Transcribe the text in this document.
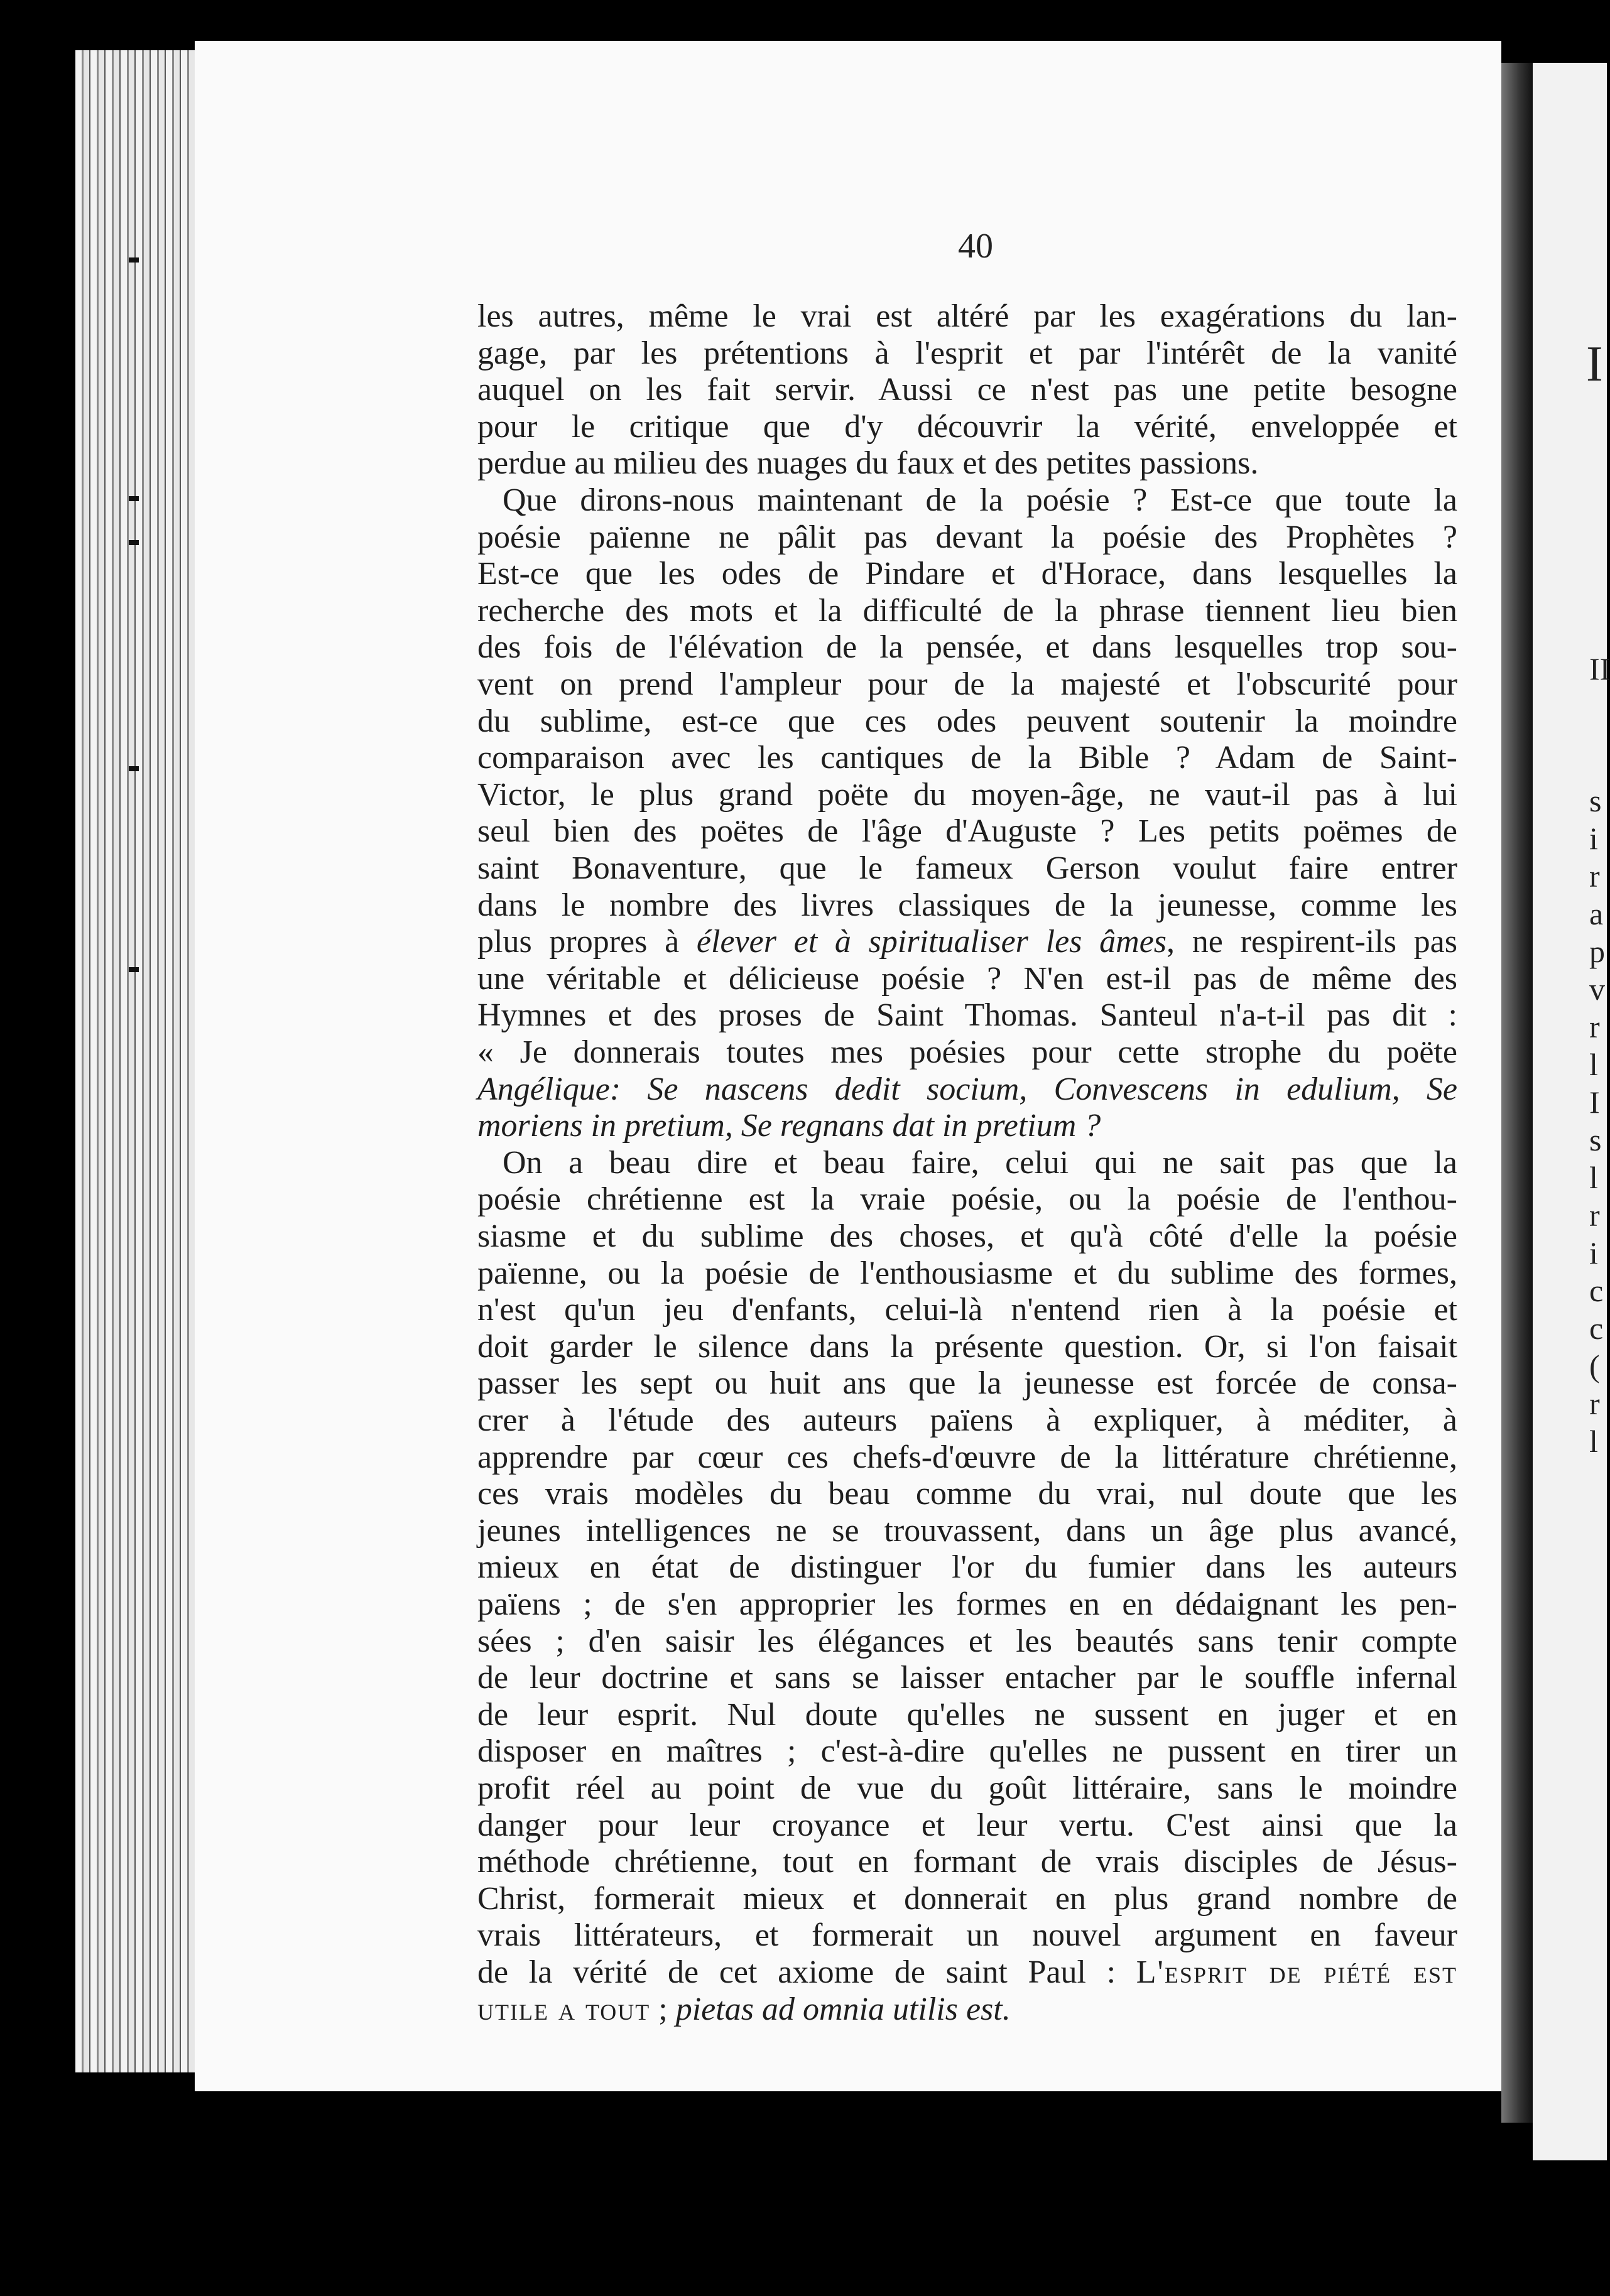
I
II
s
i
r
a
p
v
r
l
I
s
l
r
i
c
c
(
r
l
40
les autres, même le vrai est altéré par les exagérations du lan-
gage, par les prétentions à l'esprit et par l'intérêt de la vanité
auquel on les fait servir. Aussi ce n'est pas une petite besogne
pour le critique que d'y découvrir la vérité, enveloppée et
perdue au milieu des nuages du faux et des petites passions.
Que dirons-nous maintenant de la poésie ? Est-ce que toute la
poésie païenne ne pâlit pas devant la poésie des Prophètes ?
Est-ce que les odes de Pindare et d'Horace, dans lesquelles la
recherche des mots et la difficulté de la phrase tiennent lieu bien
des fois de l'élévation de la pensée, et dans lesquelles trop sou-
vent on prend l'ampleur pour de la majesté et l'obscurité pour
du sublime, est-ce que ces odes peuvent soutenir la moindre
comparaison avec les cantiques de la Bible ? Adam de Saint-
Victor, le plus grand poëte du moyen-âge, ne vaut-il pas à lui
seul bien des poëtes de l'âge d'Auguste ? Les petits poëmes de
saint Bonaventure, que le fameux Gerson voulut faire entrer
dans le nombre des livres classiques de la jeunesse, comme les
plus propres à élever et à spiritualiser les âmes, ne respirent-ils pas
une véritable et délicieuse poésie ? N'en est-il pas de même des
Hymnes et des proses de Saint Thomas. Santeul n'a-t-il pas dit :
« Je donnerais toutes mes poésies pour cette strophe du poëte
Angélique: Se nascens dedit socium, Convescens in edulium, Se
moriens in pretium, Se regnans dat in pretium ?
On a beau dire et beau faire, celui qui ne sait pas que la
poésie chrétienne est la vraie poésie, ou la poésie de l'enthou-
siasme et du sublime des choses, et qu'à côté d'elle la poésie
païenne, ou la poésie de l'enthousiasme et du sublime des formes,
n'est qu'un jeu d'enfants, celui-là n'entend rien à la poésie et
doit garder le silence dans la présente question. Or, si l'on faisait
passer les sept ou huit ans que la jeunesse est forcée de consa-
crer à l'étude des auteurs païens à expliquer, à méditer, à
apprendre par cœur ces chefs-d'œuvre de la littérature chrétienne,
ces vrais modèles du beau comme du vrai, nul doute que les
jeunes intelligences ne se trouvassent, dans un âge plus avancé,
mieux en état de distinguer l'or du fumier dans les auteurs
païens ; de s'en approprier les formes en en dédaignant les pen-
sées ; d'en saisir les élégances et les beautés sans tenir compte
de leur doctrine et sans se laisser entacher par le souffle infernal
de leur esprit. Nul doute qu'elles ne sussent en juger et en
disposer en maîtres ; c'est-à-dire qu'elles ne pussent en tirer un
profit réel au point de vue du goût littéraire, sans le moindre
danger pour leur croyance et leur vertu. C'est ainsi que la
méthode chrétienne, tout en formant de vrais disciples de Jésus-
Christ, formerait mieux et donnerait en plus grand nombre de
vrais littérateurs, et formerait un nouvel argument en faveur
de la vérité de cet axiome de saint Paul : L'esprit de piété est
utile a tout ; pietas ad omnia utilis est.
